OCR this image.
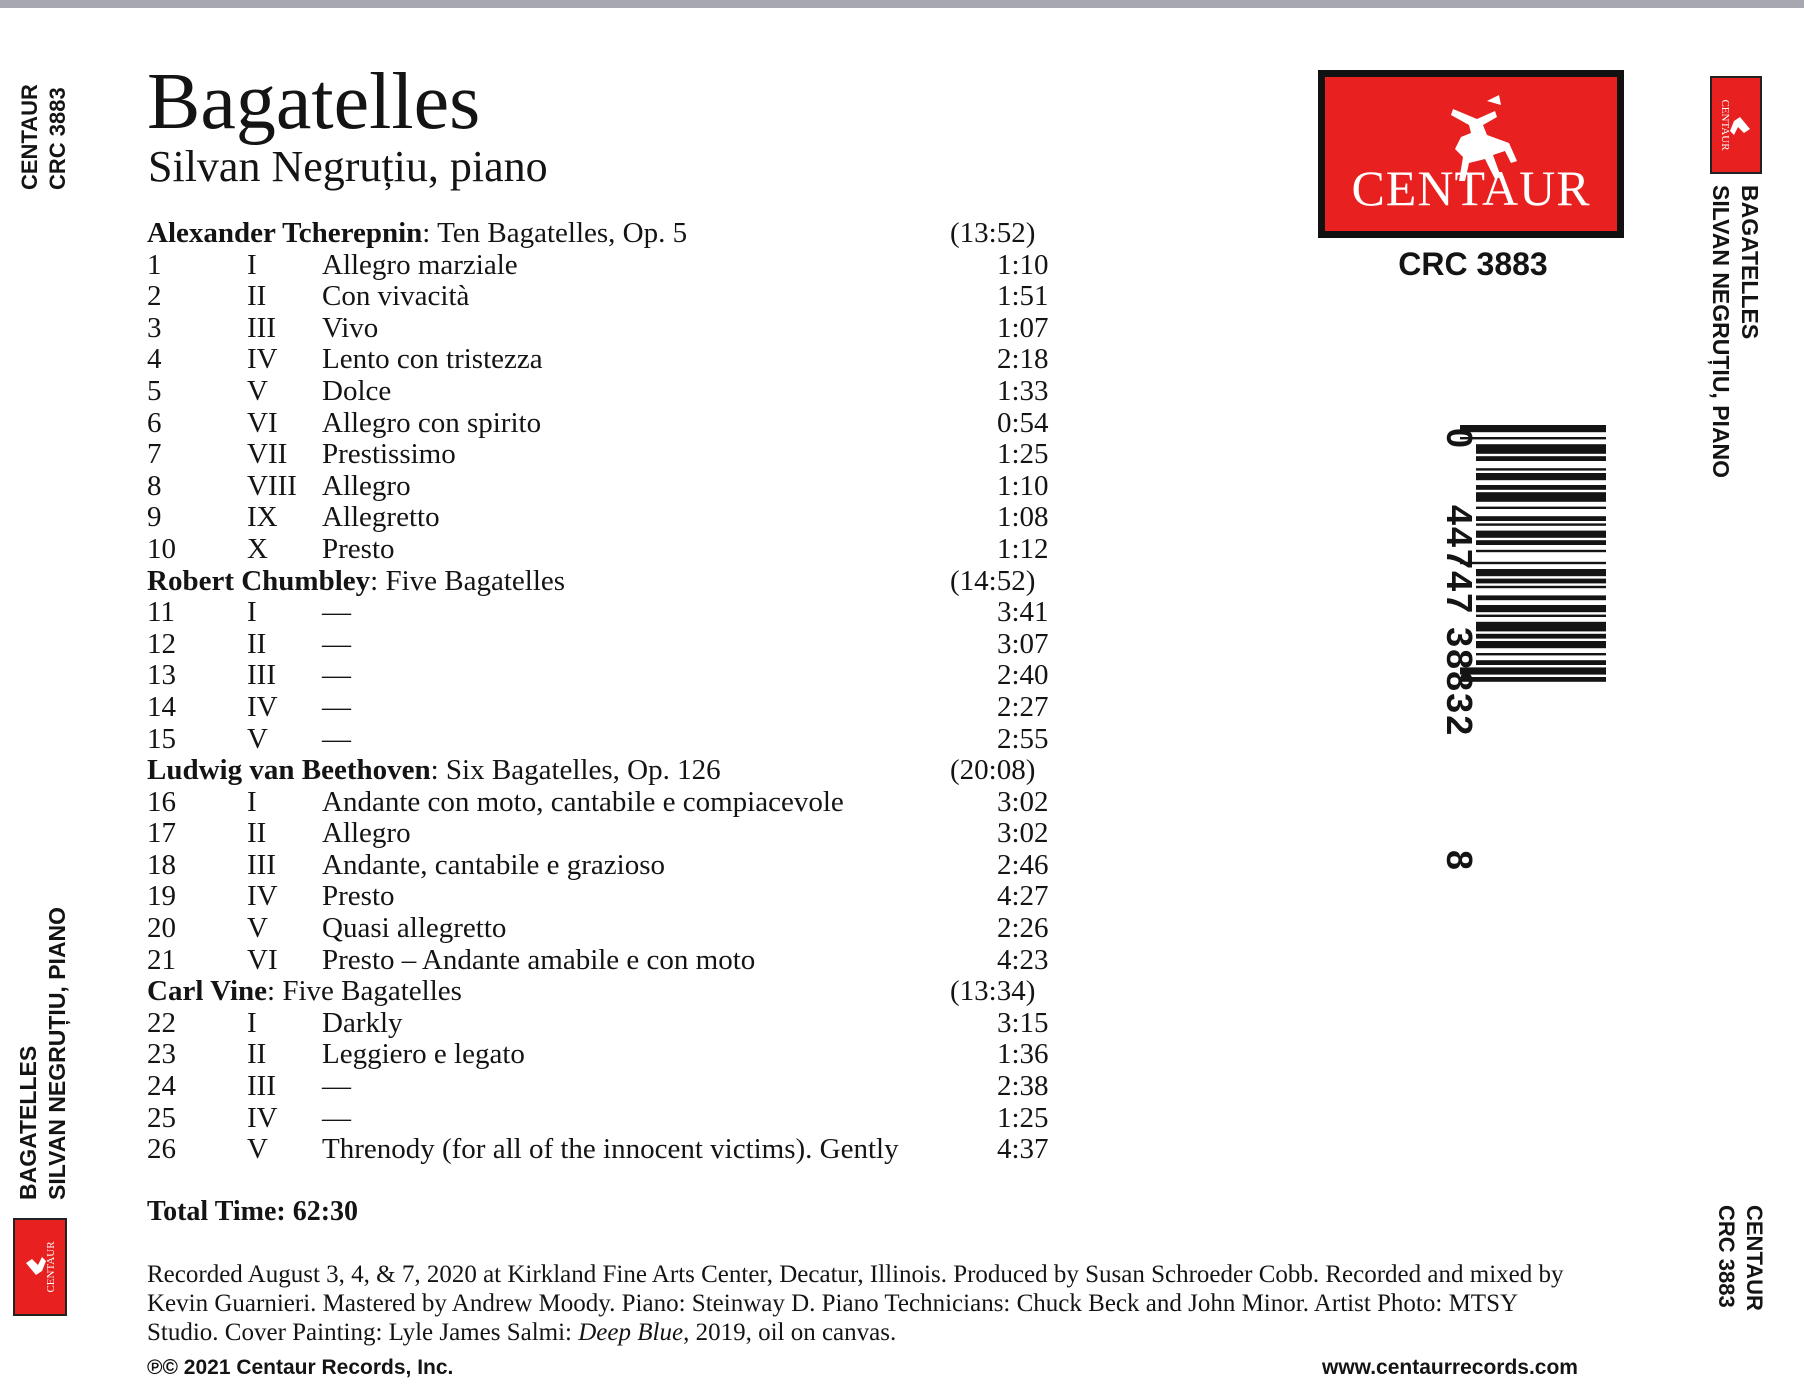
CENTAUR CRC 3883
BAGATELLES SILVAN NEGRUȚIU, PIANO
CENTAUR
CENTAUR
BAGATELLES
SILVAN NEGRUȚIU, PIANO
CENTAUR
CRC 3883
Bagatelles
Silvan Negruțiu, piano
Alexander Tcherepnin: Ten Bagatelles, Op. 5	(13:52)
1	I Allegro marziale	1:10
2	II Con vivacità	1:51
3	III Vivo	1:07
4	IV Lento con tristezza	2:18
5	V Dolce	1:33
6	VI Allegro con spirito	0:54
7	VII Prestissimo	1:25
8	VIII Allegro	1:10
9	IX Allegretto	1:08
10 X Presto	1:12
Robert Chumbley: Five Bagatelles	(14:52)
11 I —	3:41
12 II —	3:07
13 III —	2:40
14 IV —	2:27
15 V —	2:55
Ludwig van Beethoven: Six Bagatelles, Op. 126	(20:08)
16 I Andante con moto, cantabile e compiacevole	3:02
17 II Allegro	3:02
18 III Andante, cantabile e grazioso	2:46
19 IV Presto	4:27
20 V Quasi allegretto	2:26
21 VI Presto – Andante amabile e con moto	4:23
Carl Vine: Five Bagatelles	(13:34)
22 I Darkly	3:15
23 II Leggiero e legato	1:36
24 III —	2:38
25 IV —	1:25
26 V Threnody (for all of the innocent victims). Gently	4:37
Total Time: 62:30
Recorded August 3, 4, & 7, 2020 at Kirkland Fine Arts Center, Decatur, Illinois. Produced by Susan Schroeder Cobb. Recorded and mixed by Kevin Guarnieri. Mastered by Andrew Moody. Piano: Steinway D. Piano Technicians: Chuck Beck and John Minor. Artist Photo: MTSY Studio. Cover Painting: Lyle James Salmi: Deep Blue, 2019, oil on canvas.
℗© 2021 Centaur Records, Inc.	www.centaurrecords.com
CENTAUR
CRC 3883
0
44747 38832
8
